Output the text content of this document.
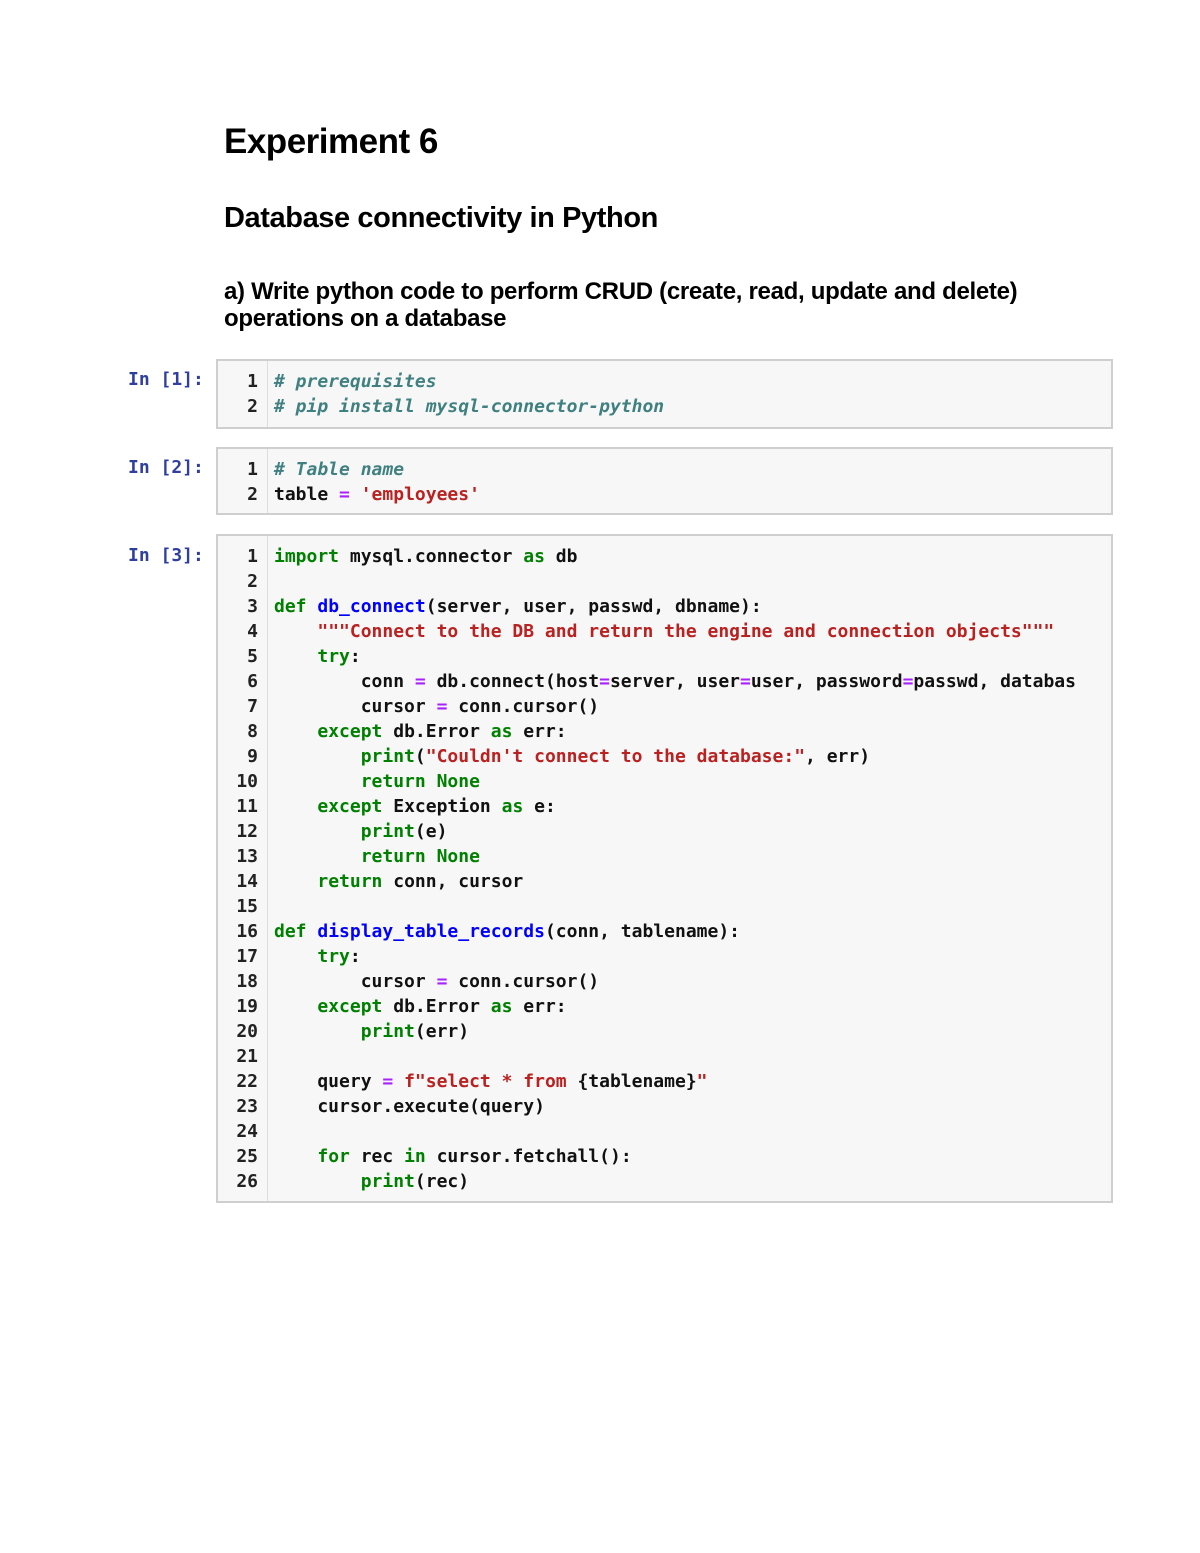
Experiment 6
Database connectivity in Python
a) Write python code to perform CRUD (create, read, update and delete) operations on a database
In [1]:	1 # prerequisites
2 # pip install mysql-connector-python
In [2]:	1 # Table name
2 table = 'employees'
In [3]:	1 import mysql.connector as db
2
3 def db_connect(server, user, passwd, dbname):
4	"""Connect to the DB and return the engine and connection objects"""
5	try:
6 conn = db.connect(host=server, user=user, password=passwd, databas
7 cursor = conn.cursor()
8	except db.Error as err:
9	print("Couldn't connect to the database:", err)
10	return None
11	except Exception as e:
12	print(e)
13	return None
14	return conn, cursor
15
16 def display_table_records(conn, tablename):
17	try:
18 cursor = conn.cursor()
19	except db.Error as err:
20	print(err)
21
22 query = f"select * from {tablename}"
23 cursor.execute(query)
24
25	for rec in cursor.fetchall():
26	print(rec)
